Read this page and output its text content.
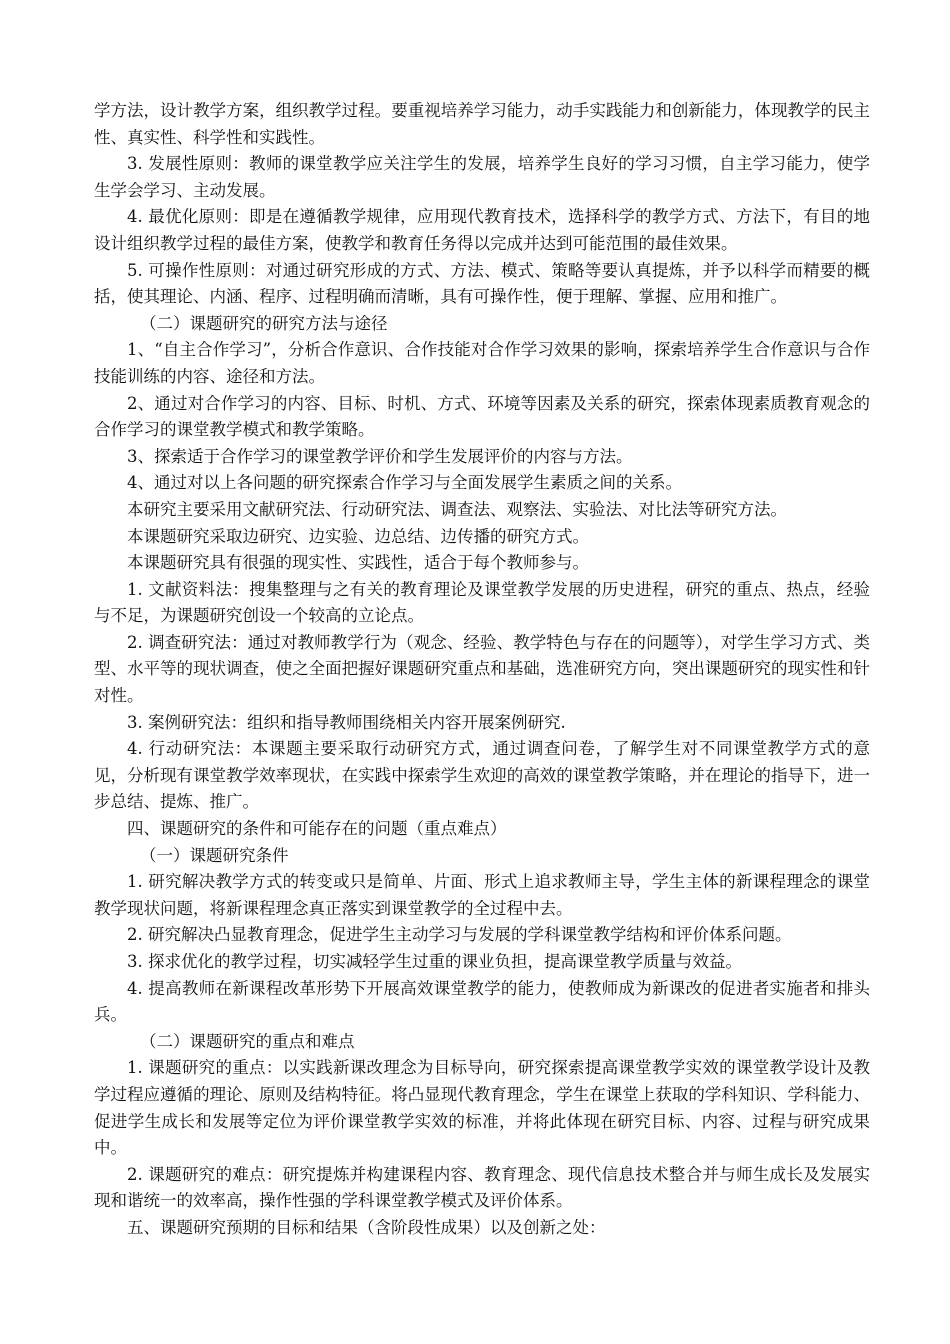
学方法，设计教学方案，组织教学过程。要重视培养学习能力，动手实践能力和创新能力，体现教学的民主性、真实性、科学性和实践性。

3. 发展性原则：教师的课堂教学应关注学生的发展，培养学生良好的学习习惯，自主学习能力，使学生学会学习、主动发展。

4. 最优化原则：即是在遵循教学规律，应用现代教育技术，选择科学的教学方式、方法下，有目的地设计组织教学过程的最佳方案，使教学和教育任务得以完成并达到可能范围的最佳效果。

5. 可操作性原则：对通过研究形成的方式、方法、模式、策略等要认真提炼，并予以科学而精要的概括，使其理论、内涵、程序、过程明确而清晰，具有可操作性，便于理解、掌握、应用和推广。

（二）课题研究的研究方法与途径

1、“自主合作学习”，分析合作意识、合作技能对合作学习效果的影响，探索培养学生合作意识与合作技能训练的内容、途径和方法。

2、通过对合作学习的内容、目标、时机、方式、环境等因素及关系的研究，探索体现素质教育观念的合作学习的课堂教学模式和教学策略。

3、探索适于合作学习的课堂教学评价和学生发展评价的内容与方法。

4、通过对以上各问题的研究探索合作学习与全面发展学生素质之间的关系。

本研究主要采用文献研究法、行动研究法、调查法、观察法、实验法、对比法等研究方法。

本课题研究采取边研究、边实验、边总结、边传播的研究方式。

本课题研究具有很强的现实性、实践性，适合于每个教师参与。

1. 文献资料法：搜集整理与之有关的教育理论及课堂教学发展的历史进程，研究的重点、热点，经验与不足，为课题研究创设一个较高的立论点。

2. 调查研究法：通过对教师教学行为（观念、经验、教学特色与存在的问题等），对学生学习方式、类型、水平等的现状调查，使之全面把握好课题研究重点和基础，选准研究方向，突出课题研究的现实性和针对性。

3. 案例研究法：组织和指导教师围绕相关内容开展案例研究.

4. 行动研究法：本课题主要采取行动研究方式，通过调查问卷，了解学生对不同课堂教学方式的意见，分析现有课堂教学效率现状，在实践中探索学生欢迎的高效的课堂教学策略，并在理论的指导下，进一步总结、提炼、推广。

四、课题研究的条件和可能存在的问题（重点难点）

（一）课题研究条件

1. 研究解决教学方式的转变或只是简单、片面、形式上追求教师主导，学生主体的新课程理念的课堂教学现状问题，将新课程理念真正落实到课堂教学的全过程中去。

2. 研究解决凸显教育理念，促进学生主动学习与发展的学科课堂教学结构和评价体系问题。

3. 探求优化的教学过程，切实减轻学生过重的课业负担，提高课堂教学质量与效益。

4. 提高教师在新课程改革形势下开展高效课堂教学的能力，使教师成为新课改的促进者实施者和排头兵。

（二）课题研究的重点和难点

1. 课题研究的重点：以实践新课改理念为目标导向，研究探索提高课堂教学实效的课堂教学设计及教学过程应遵循的理论、原则及结构特征。将凸显现代教育理念，学生在课堂上获取的学科知识、学科能力、促进学生成长和发展等定位为评价课堂教学实效的标准，并将此体现在研究目标、内容、过程与研究成果中。

2. 课题研究的难点：研究提炼并构建课程内容、教育理念、现代信息技术整合并与师生成长及发展实现和谐统一的效率高，操作性强的学科课堂教学模式及评价体系。

五、课题研究预期的目标和结果（含阶段性成果）以及创新之处：
